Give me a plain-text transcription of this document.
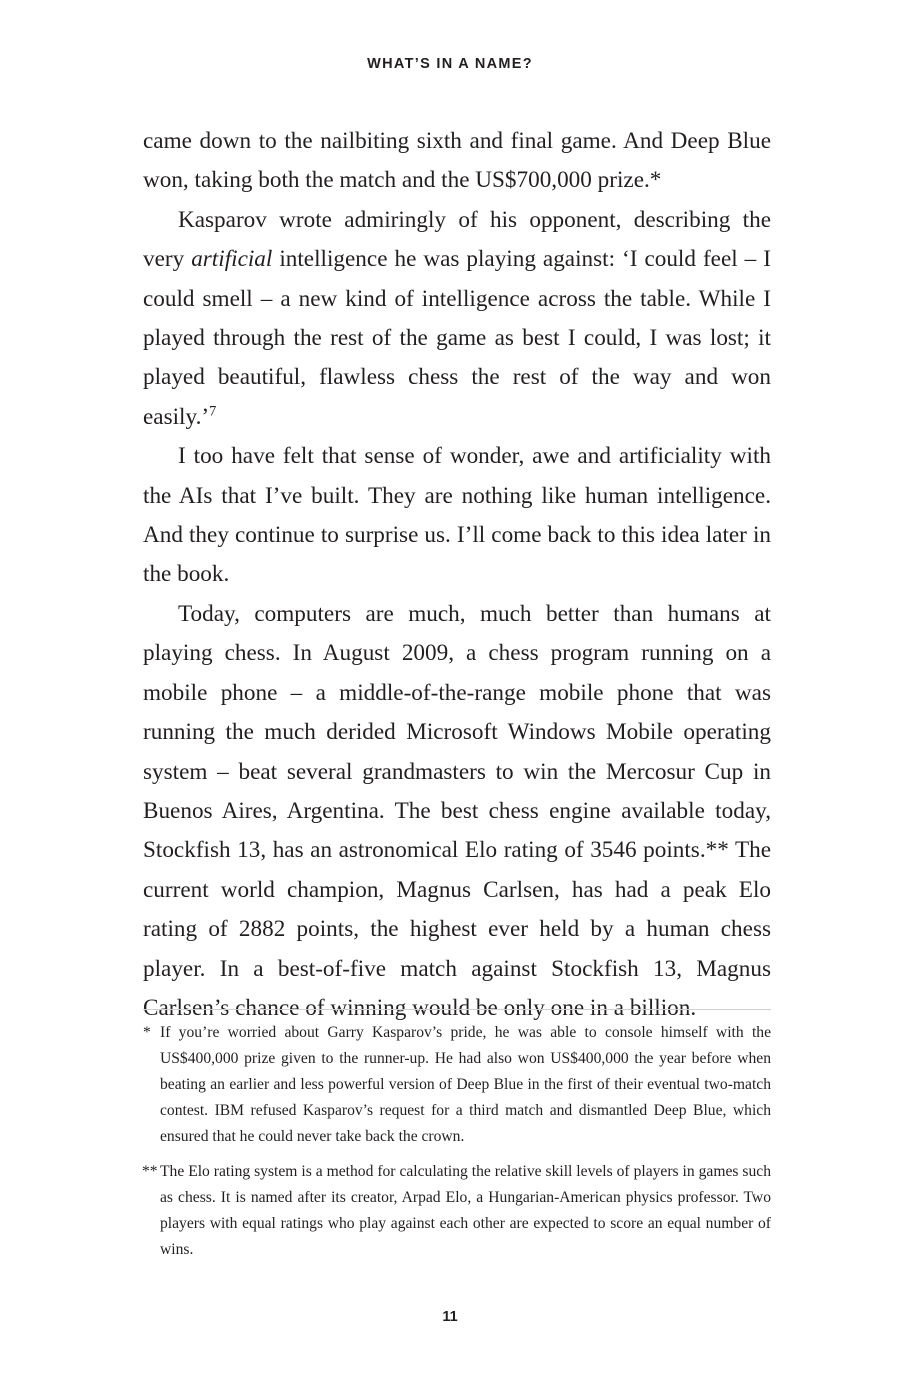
WHAT’S IN A NAME?

came down to the nailbiting sixth and final game. And Deep Blue won, taking both the match and the US$700,000 prize.*

Kasparov wrote admiringly of his opponent, describing the very artificial intelligence he was playing against: ‘I could feel – I could smell – a new kind of intelligence across the table. While I played through the rest of the game as best I could, I was lost; it played beautiful, flawless chess the rest of the way and won easily.’$^7$

I too have felt that sense of wonder, awe and artificiality with the AIs that I’ve built. They are nothing like human intelligence. And they continue to surprise us. I’ll come back to this idea later in the book.

Today, computers are much, much better than humans at playing chess. In August 2009, a chess program running on a mobile phone – a middle-of-the-range mobile phone that was running the much derided Microsoft Windows Mobile operating system – beat several grandmasters to win the Mercosur Cup in Buenos Aires, Argentina. The best chess engine available today, Stockfish 13, has an astronomical Elo rating of 3546 points.** The current world champion, Magnus Carlsen, has had a peak Elo rating of 2882 points, the highest ever held by a human chess player. In a best-of-five match against Stockfish 13, Magnus Carlsen’s chance of winning would be only one in a billion.

* If you’re worried about Garry Kasparov’s pride, he was able to console himself with the US$400,000 prize given to the runner-up. He had also won US$400,000 the year before when beating an earlier and less powerful version of Deep Blue in the first of their eventual two-match contest. IBM refused Kasparov’s request for a third match and dismantled Deep Blue, which ensured that he could never take back the crown.
** The Elo rating system is a method for calculating the relative skill levels of players in games such as chess. It is named after its creator, Arpad Elo, a Hungarian-American physics professor. Two players with equal ratings who play against each other are expected to score an equal number of wins.
11
